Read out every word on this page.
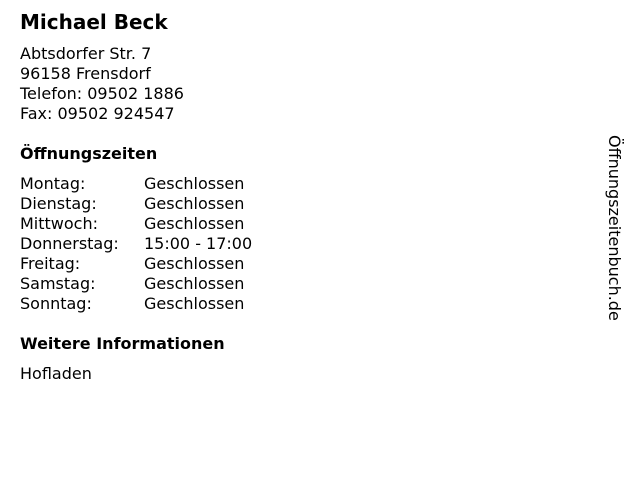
Michael Beck
Abtsdorfer Str. 7
96158 Frensdorf
Telefon: 09502 1886
Fax: 09502 924547
Öffnungszeiten
Montag:	Geschlossen
Dienstag:	Geschlossen
Mittwoch:	Geschlossen
Donnerstag:	15:00 - 17:00
Freitag:	Geschlossen
Samstag:	Geschlossen
Sonntag:	Geschlossen
Weitere Informationen
Hofladen
Öffnungszeitenbuch.de
